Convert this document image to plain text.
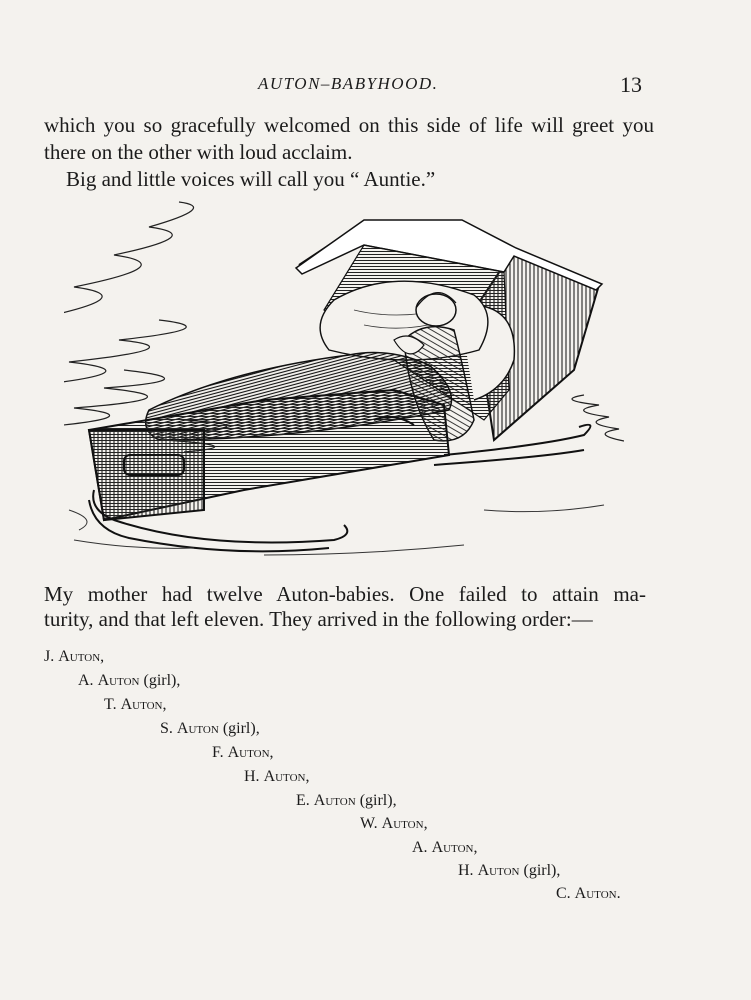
AUTON–BABYHOOD.	13

which you so gracefully welcomed on this side of life will greet you

there on the other with loud acclaim.

Big and little voices will call you “ Auntie.”

My mother had twelve Auton-babies. One failed to attain ma-

turity, and that left eleven. They arrived in the following order:—

J. Auton,
A. Auton (girl),
T. Auton,
S. Auton (girl),
F. Auton,
H. Auton,
E. Auton (girl),
W. Auton,
A. Auton,
H. Auton (girl),
C. Auton.
